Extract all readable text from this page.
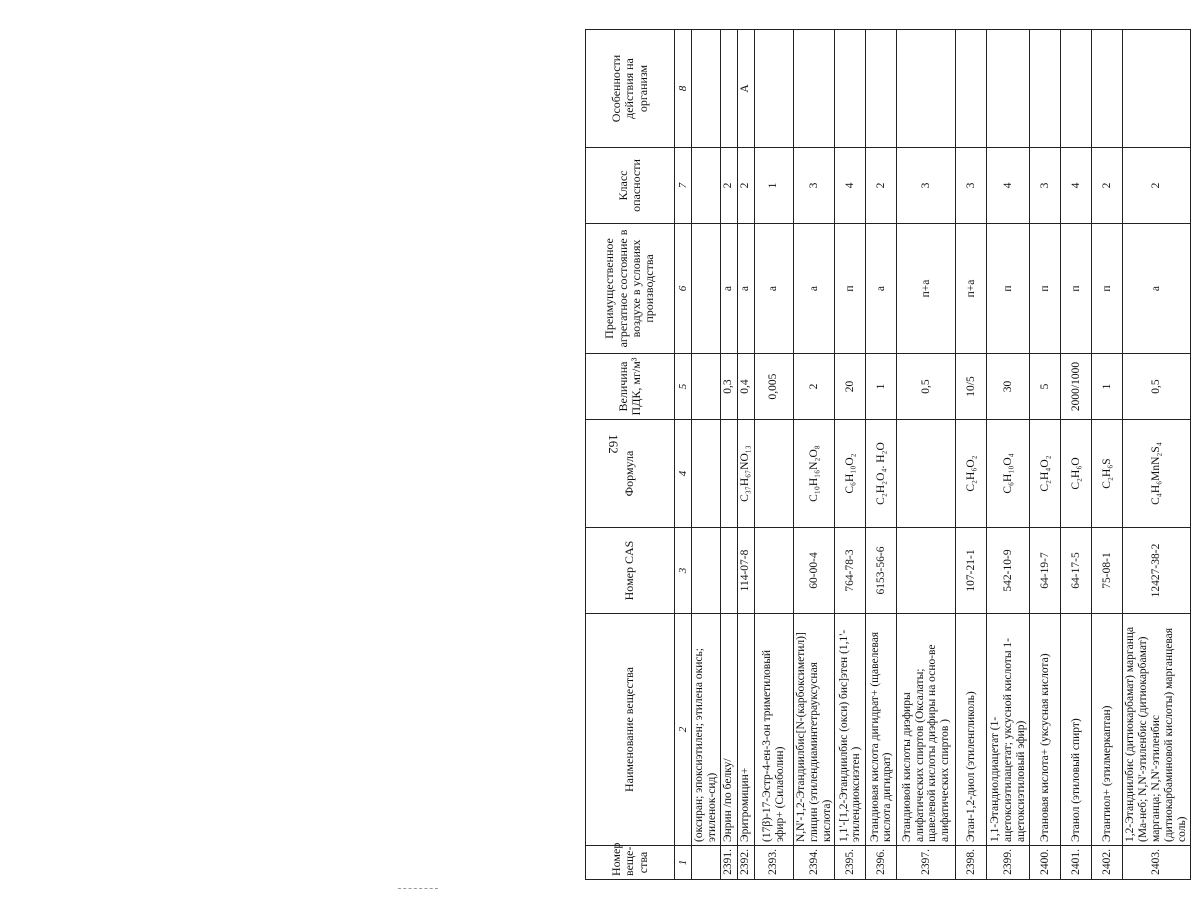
162
Номер веще-ства	Наименование вещества	Номер CAS	Формула	Величина ПДК, мг/м³	Преимущественное агрегатное состояние в воздухе в условиях производства	Класс опасности	Особенности действия на организм
1	2	3	4	5	6	7	8
	(оксиран; эпоксиэтилен; этилена окись; этиленок-сид)						
2391.	Энрин /по белку/			0,3	а	2	
2392.	Эритромицин+	114-07-8	C₃₇H₆₇NO₁₃	0,4	а	2	А
2393.	(17β)-17-Эстр-4-ен-3-он триметиловый эфир+ (Силаболин)			0,005	а	1	
2394.	N,N'-1,2-Этандиилбис[N-(карбоксиметил)] глицин (этилендиаминтетрауксусная кислота)	60-00-4	C₁₀H₁₆N₂O₈	2	а	3	
2395.	1,1'-[1,2-Этандиилбис (окси) бис]этен (1,1'-этилендиоксиэтен )	764-78-3	C₆H₁₀O₂	20	п	4	
2396.	Этандиовая кислота дигидрат+ (щавелевая кислота дигидрат)	6153-56-6	C₂H₂O₄. H₂O	1	а	2	
2397.	Этандиовой кислоты диэфиры алифатических спиртов (Оксалаты; щавелевой кислоты диэфиры на осно-ве алифатических спиртов )			0,5	п+а	3	
2398.	Этан-1,2-диол (этиленгликоль)	107-21-1	C₂H₆O₂	10/5	п+а	3	
2399.	1,1-Этандиолдиацетат (1-ацетоксиэтилацетат; уксусной кислоты 1-ацетоксиэтиловый эфир)	542-10-9	C₆H₁₀O₄	30	п	4	
2400.	Этановая кислота+ (уксусная кислота)	64-19-7	C₂H₄O₂	5	п	3	
2401.	Этанол (этиловый спирт)	64-17-5	C₂H₆O	2000/1000	п	4	
2402.	Этантиол+ (этилмеркаптан)	75-08-1	C₂H₆S	1	п	2	
2403.	1,2-Этандиилбис (дитиокарбамат) марганца (Ма-неб; N,N'-этиленбис (дитиокарбамат) марганца; N,N'-этиленбис (дитиокарбаминовой кислоты) марганцевая соль)	12427-38-2	C₄H₆MnN₂S₄	0,5	а	2	
